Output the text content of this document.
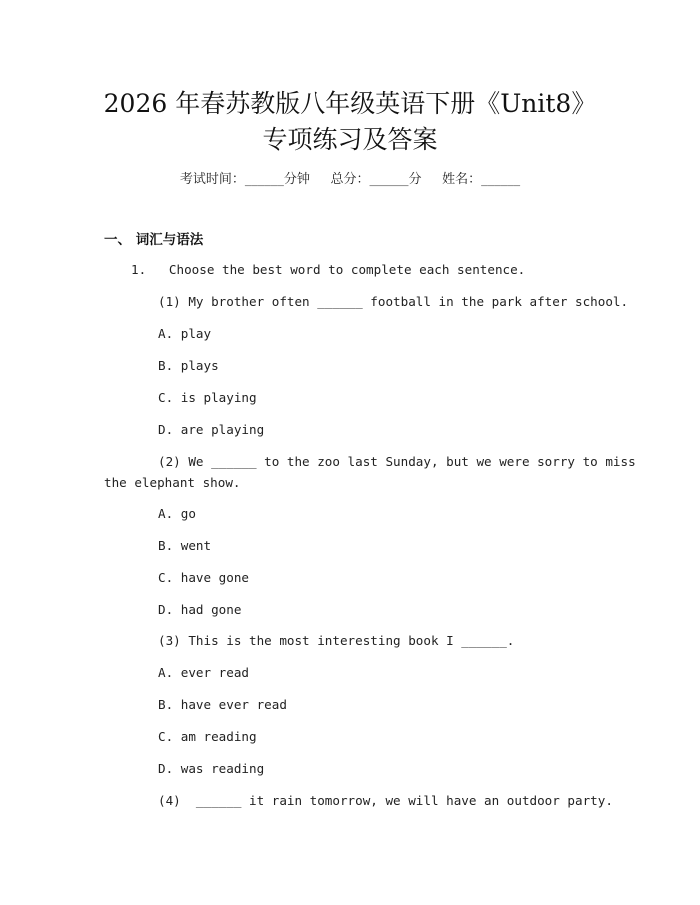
2026 年春苏教版八年级英语下册《Unit8》
专项练习及答案
考试时间：______分钟     总分：______分     姓名：______
一、 词汇与语法
1.   Choose the best word to complete each sentence.
(1) My brother often ______ football in the park after school.
A. play
B. plays
C. is playing
D. are playing
(2) We ______ to the zoo last Sunday, but we were sorry to miss
the elephant show.
A. go
B. went
C. have gone
D. had gone
(3) This is the most interesting book I ______.
A. ever read
B. have ever read
C. am reading
D. was reading
(4)  ______ it rain tomorrow, we will have an outdoor party.
